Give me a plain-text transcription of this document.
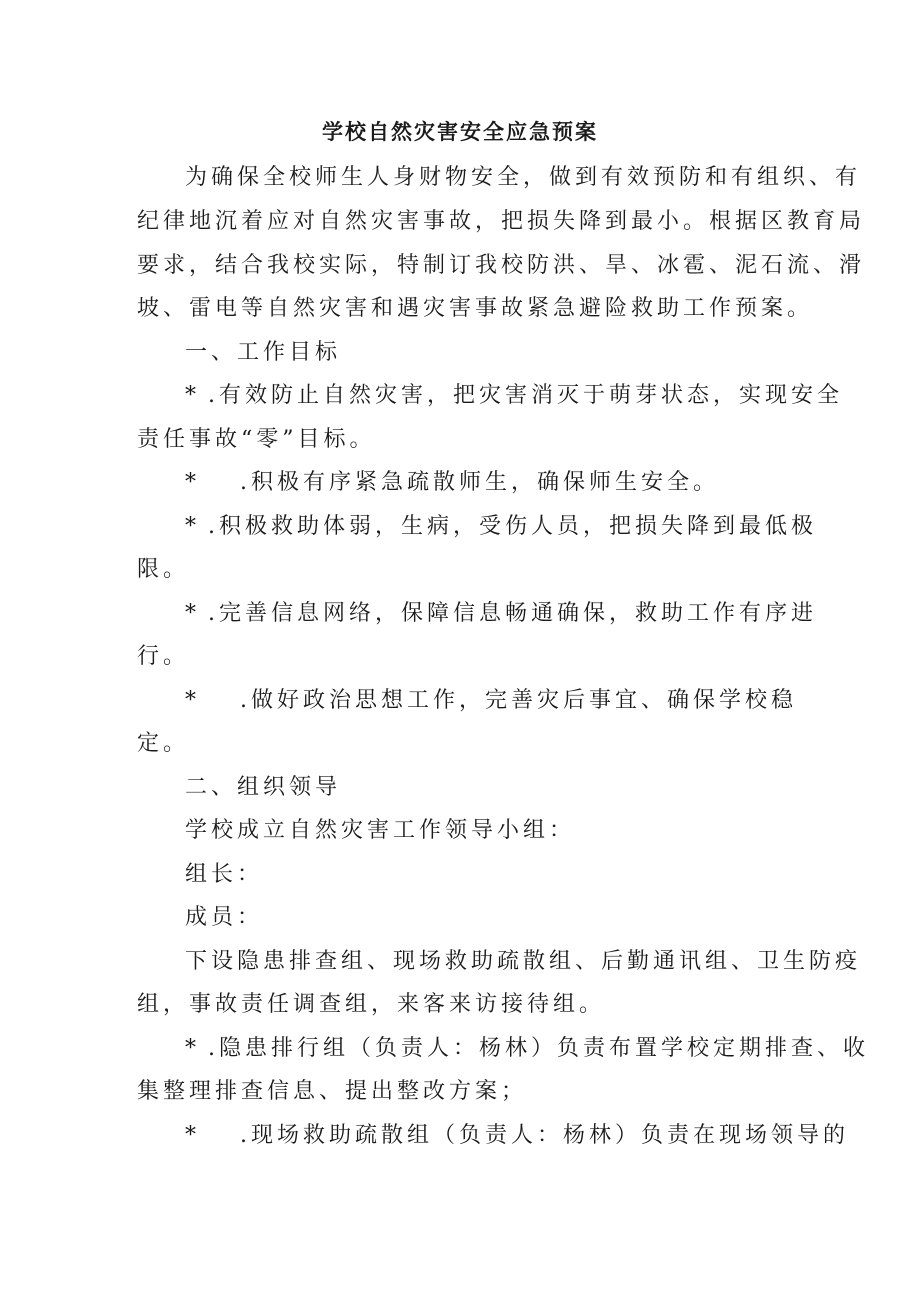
学校自然灾害安全应急预案

为确保全校师生人身财物安全，做到有效预防和有组织、有

纪律地沉着应对自然灾害事故，把损失降到最小。根据区教育局

要求，结合我校实际，特制订我校防洪、旱、冰雹、泥石流、滑

坡、雷电等自然灾害和遇灾害事故紧急避险救助工作预案。

一、工作目标

* .有效防止自然灾害，把灾害消灭于萌芽状态，实现安全

责任事故“零”目标。

* .积极有序紧急疏散师生，确保师生安全。

* .积极救助体弱，生病，受伤人员，把损失降到最低极

限。

* .完善信息网络，保障信息畅通确保，救助工作有序进

行。

* .做好政治思想工作，完善灾后事宜、确保学校稳

定。

二、组织领导

学校成立自然灾害工作领导小组：

组长：

成员：

下设隐患排查组、现场救助疏散组、后勤通讯组、卫生防疫

组，事故责任调查组，来客来访接待组。

* .隐患排行组（负责人：杨林）负责布置学校定期排查、收

集整理排查信息、提出整改方案；

* .现场救助疏散组（负责人：杨林）负责在现场领导的
